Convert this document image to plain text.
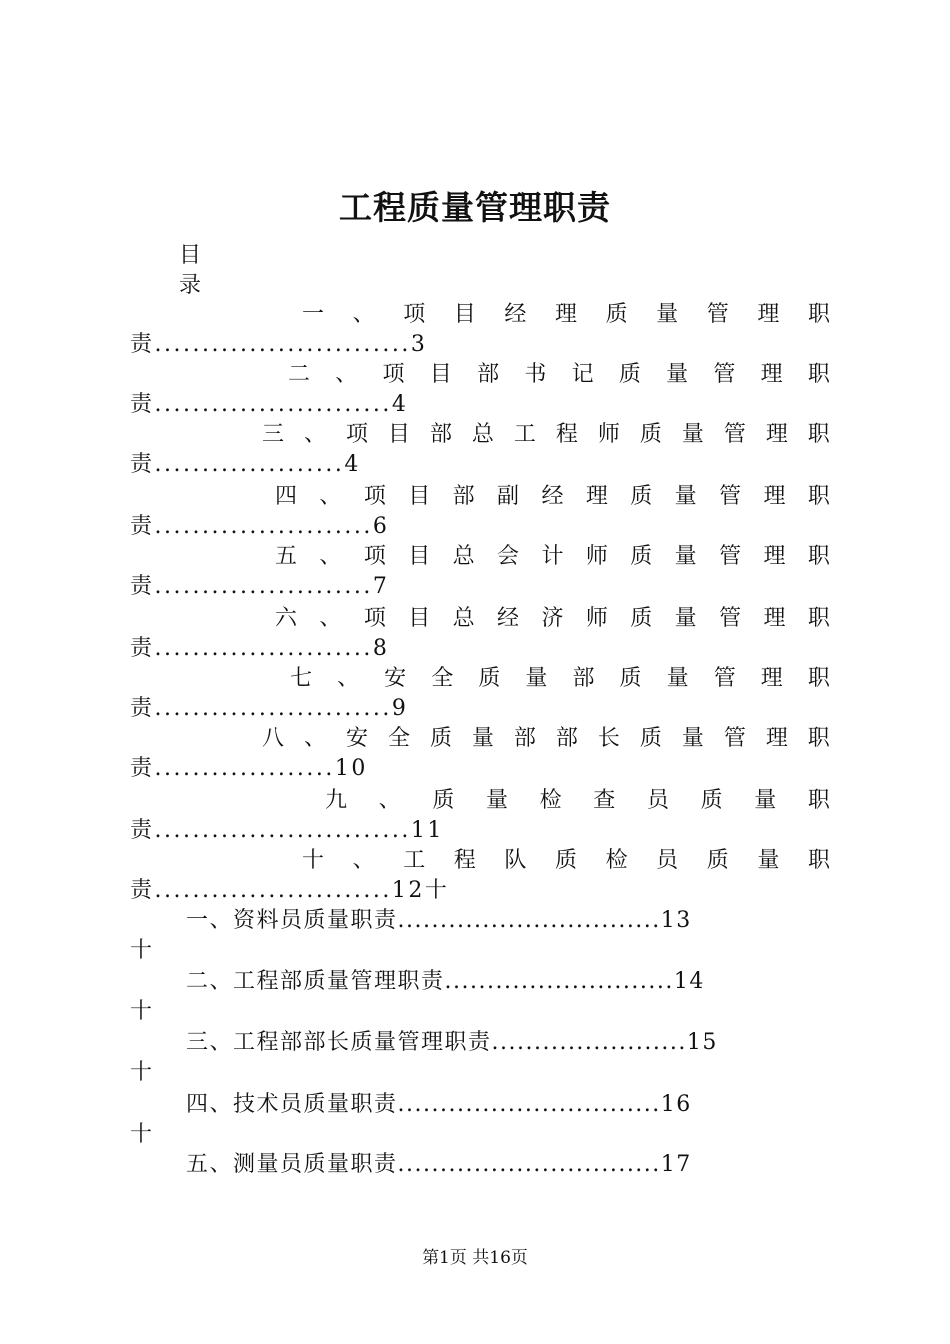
工程质量管理职责
目
录
一 、 项 目 经 理 质 量 管 理 职
责...........................3
二 、 项 目 部 书 记 质 量 管 理 职
责.........................4
三 、 项 目 部 总 工 程 师 质 量 管 理 职
责....................4
四 、 项 目 部 副 经 理 质 量 管 理 职
责.......................6
五 、 项 目 总 会 计 师 质 量 管 理 职
责.......................7
六 、 项 目 总 经 济 师 质 量 管 理 职
责.......................8
七 、 安 全 质 量 部 质 量 管 理 职
责.........................9
八 、 安 全 质 量 部 部 长 质 量 管 理 职
责...................10
九 、 质 量 检 查 员 质 量 职
责...........................11
十 、 工 程 队 质 检 员 质 量 职
责.........................12十
一、资料员质量职责...............................13
十
二、工程部质量管理职责...........................14
十
三、工程部部长质量管理职责.......................15
十
四、技术员质量职责...............................16
十
五、测量员质量职责...............................17
第1页 共16页
